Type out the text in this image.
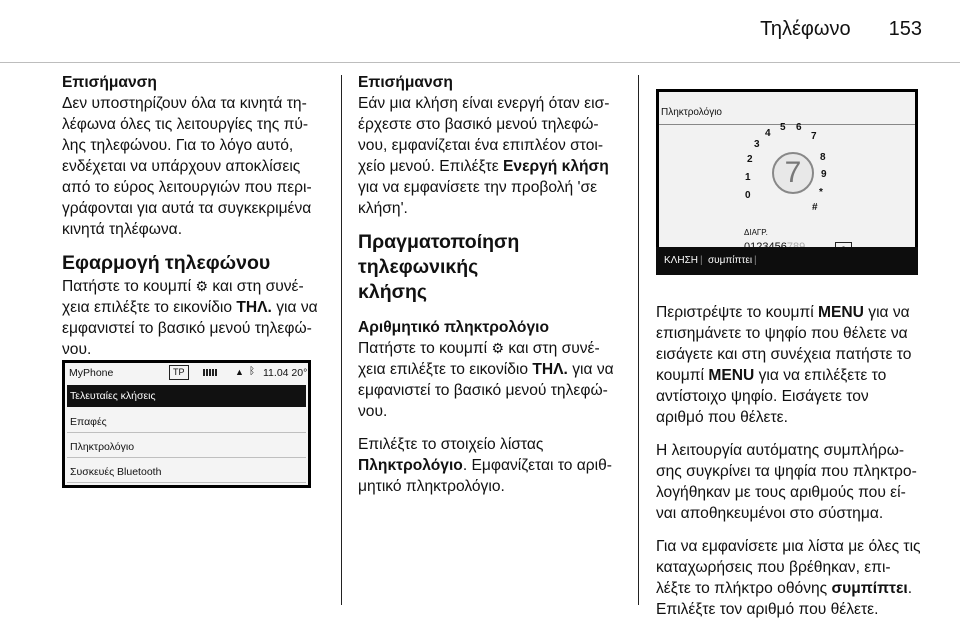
Τηλέφωνο 153
Επισήμανση
Δεν υποστηρίζουν όλα τα κινητά τη-
λέφωνα όλες τις λειτουργίες της πύ-
λης τηλεφώνου. Για το λόγο αυτό,
ενδέχεται να υπάρχουν αποκλίσεις
από το εύρος λειτουργιών που περι-
γράφονται για αυτά τα συγκεκριμένα
κινητά τηλέφωνα.
Εφαρμογή τηλεφώνου
Πατήστε το κουμπί ⚙ και στη συνέ-
χεια επιλέξτε το εικονίδιο ΤΗΛ. για να
εμφανιστεί το βασικό μενού τηλεφώ-
νου.
MyPhone	TP	▲ ᛒ 11.04 20°
Τελευταίες κλήσεις
Επαφές
Πληκτρολόγιο
Συσκευές Bluetooth
Επισήμανση
Εάν μια κλήση είναι ενεργή όταν εισ-
έρχεστε στο βασικό μενού τηλεφώ-
νου, εμφανίζεται ένα επιπλέον στοι-
χείο μενού. Επιλέξτε Ενεργή κλήση
για να εμφανίσετε την προβολή 'σε
κλήση'.
Πραγματοποίηση τηλεφωνικής
κλήσης
Αριθμητικό πληκτρολόγιο
Πατήστε το κουμπί ⚙ και στη συνέ-
χεια επιλέξτε το εικονίδιο ΤΗΛ. για να
εμφανιστεί το βασικό μενού τηλεφώ-
νου.

Επιλέξτε το στοιχείο λίστας
Πληκτρολόγιο. Εμφανίζεται το αριθ-
μητικό πληκτρολόγιο.

Πληκτρολόγιο
2
3
4
5 6
7
8
9
1
0	*
#
7
ΔΙΑΓΡ.
ΚΛΗΣΗ | συμπίπτει |
Περιστρέψτε το κουμπί MENU για να
επισημάνετε το ψηφίο που θέλετε να
εισάγετε και στη συνέχεια πατήστε το
κουμπί MENU για να επιλέξετε το
αντίστοιχο ψηφίο. Εισάγετε τον
αριθμό που θέλετε.
Η λειτουργία αυτόματης συμπλήρω-
σης συγκρίνει τα ψηφία που πληκτρο-
λογήθηκαν με τους αριθμούς που εί-
ναι αποθηκευμένοι στο σύστημα.
Για να εμφανίσετε μια λίστα με όλες τις
καταχωρήσεις που βρέθηκαν, επι-
λέξτε το πλήκτρο οθόνης συμπίπτει.
Επιλέξτε τον αριθμό που θέλετε.
